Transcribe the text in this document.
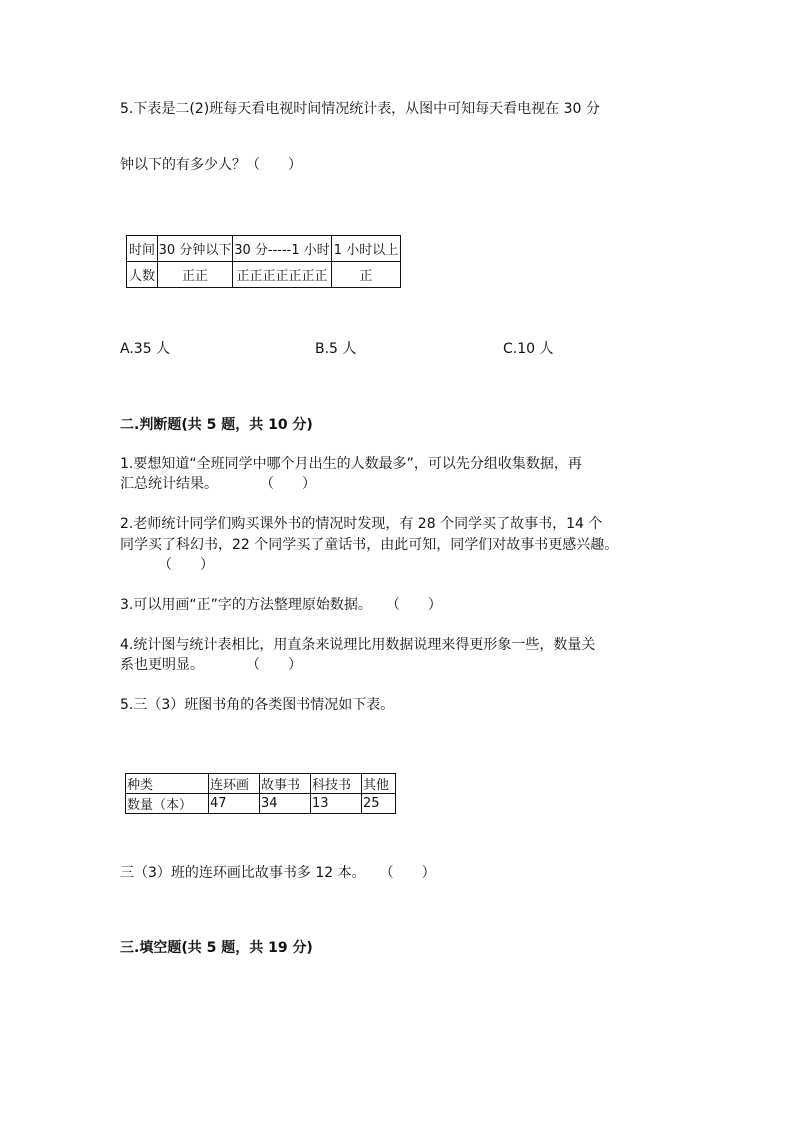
5.下表是二(2)班每天看电视时间情况统计表，从图中可知每天看电视在 30 分
钟以下的有多少人？（　　）
时间	30 分钟以下	30 分-----1 小时	1 小时以上
人数	正正	正正正正正正正	正
A.35 人	B.5 人	C.10 人
二.判断题(共 5 题，共 10 分)
1.要想知道“全班同学中哪个月出生的人数最多”，可以先分组收集数据，再
汇总统计结果。　　　　（　　）
2.老师统计同学们购买课外书的情况时发现，有 28 个同学买了故事书，14 个
同学买了科幻书，22 个同学买了童话书，由此可知，同学们对故事书更感兴趣。
（　　）
3.可以用画“正”字的方法整理原始数据。　　（　　）
4.统计图与统计表相比，用直条来说理比用数据说理来得更形象一些，数量关
系也更明显。　　　　（　　）
5.三（3）班图书角的各类图书情况如下表。
种类	连环画	故事书	科技书	其他
数量（本）	47	34	13	25
三（3）班的连环画比故事书多 12 本。　　（　　）
三.填空题(共 5 题，共 19 分)
